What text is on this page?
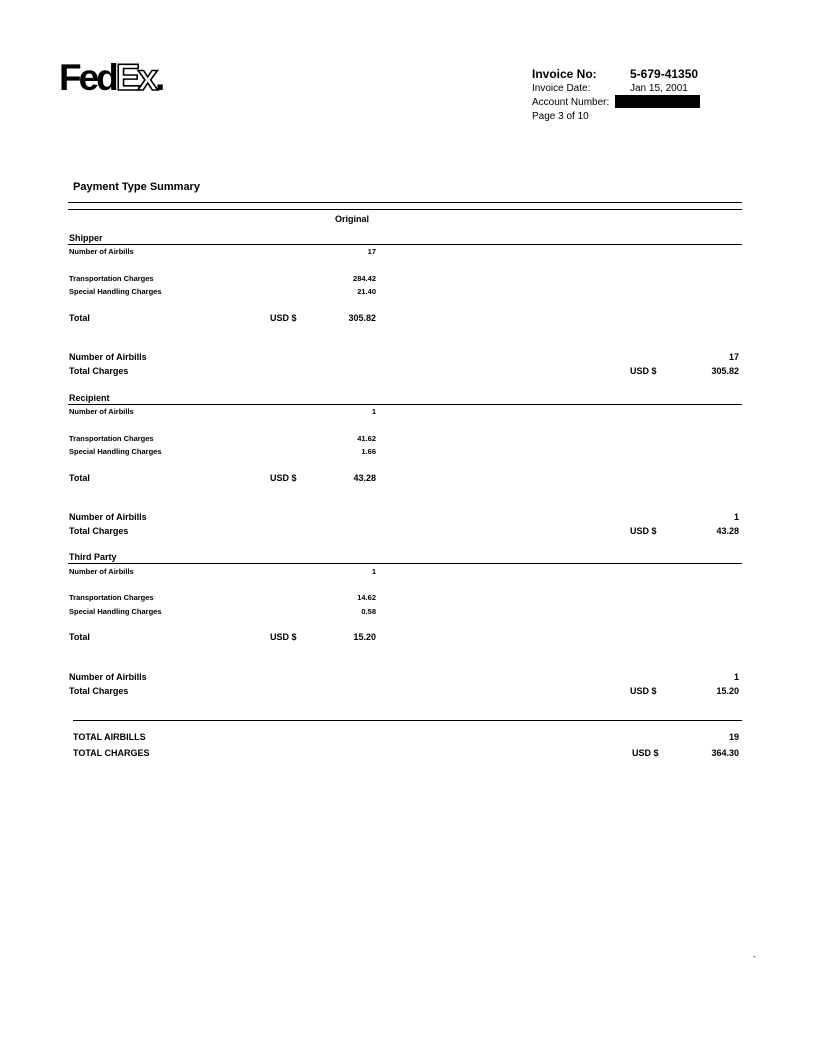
FedEx.	Invoice No:	5-679-41350
Invoice Date:	Jan 15, 2001
Account Number:
Page 3 of 10
Payment Type Summary
Original
Shipper
Number of Airbills	17
Transportation Charges	284.42
Special Handling Charges	21.40
Total	USD $	305.82
Number of Airbills	17
Total Charges	USD $	305.82
Recipient
Number of Airbills	1
Transportation Charges	41.62
Special Handling Charges	1.66
Total	USD $	43.28
Number of Airbills	1
Total Charges	USD $	43.28
Third Party
Number of Airbills	1
Transportation Charges	14.62
Special Handling Charges	0.58
Total	USD $	15.20
Number of Airbills	1
Total Charges	USD $	15.20
TOTAL AIRBILLS	19
TOTAL CHARGES	USD $	364.30
-
